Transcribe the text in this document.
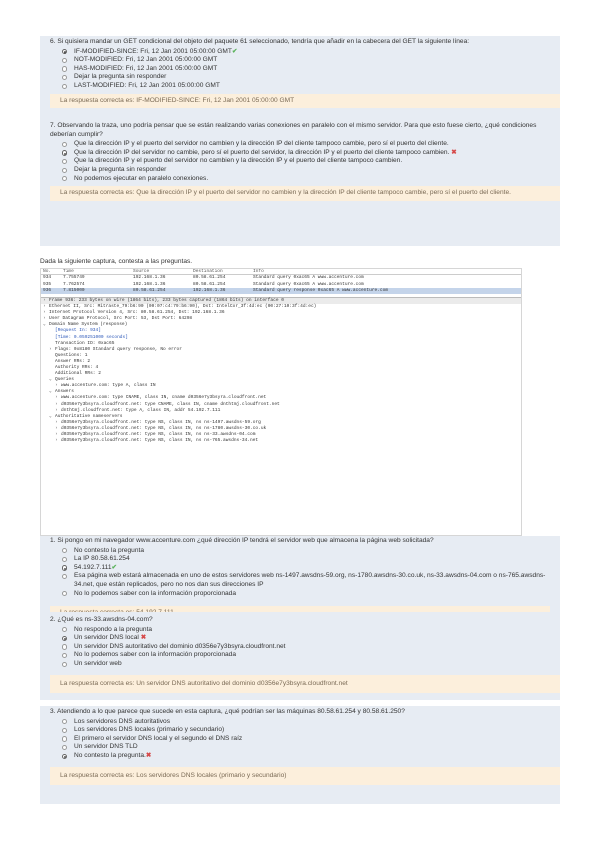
6. Si quisiera mandar un GET condicional del objeto del paquete 61 seleccionado, tendría que añadir en la cabecera del GET la siguiente línea:
IF-MODIFIED-SINCE: Fri, 12 Jan 2001 05:00:00 GMT✔
NOT-MODIFIED: Fri, 12 Jan 2001 05:00:00 GMT
HAS-MODIFIED: Fri, 12 Jan 2001 05:00:00 GMT
Dejar la pregunta sin responder
LAST-MODIFIED: Fri, 12 Jan 2001 05:00:00 GMT
La respuesta correcta es: IF-MODIFIED-SINCE: Fri, 12 Jan 2001 05:00:00 GMT
7. Observando la traza, uno podría pensar que se están realizando varias conexiones en paralelo con el mismo servidor. Para que esto fuese cierto, ¿qué condiciones deberían cumplir?
Que la dirección IP y el puerto del servidor no cambien y la dirección IP del cliente tampoco cambie, pero sí el puerto del cliente.
Que la dirección IP del servidor no cambie, pero sí el puerto del servidor, la dirección IP y el puerto del cliente tampoco cambien. ✖
Que la dirección IP y el puerto del servidor no cambien y la dirección IP y el puerto del cliente tampoco cambien.
Dejar la pregunta sin responder
No podemos ejecutar en paralelo conexiones.
La respuesta correcta es: Que la dirección IP y el puerto del servidor no cambien y la dirección IP del cliente tampoco cambie, pero sí el puerto del cliente.
Dada la siguiente captura, contesta a las preguntas.
No.	Time	Source	Destination	Info
934	7.755749	192.168.1.36	80.58.61.254	Standard query 0xac65 A www.accenture.com
935	7.762574	192.168.1.36	80.58.61.254	Standard query 0xac65 A www.accenture.com
936	7.815000	80.58.61.254	192.168.1.36	Standard query response 0xac65 A www.accenture.com
› Frame 936: 233 bytes on wire (1864 bits), 233 bytes captured (1864 bits) on interface 0
› Ethernet II, Src: Mitraste_79:b6:90 (00:07:c4:79:b6:90), Dst: IntelCor_3f:4d:ec (00:27:10:3f:4d:ec)
› Internet Protocol Version 4, Src: 80.58.61.254, Dst: 192.168.1.36
› User Datagram Protocol, Src Port: 53, Dst Port: 64298
⌄ Domain Name System (response)
[Request In: 934]
[Time: 0.059251000 seconds]
Transaction ID: 0xac65
› Flags: 0x8180 Standard query response, No error
Questions: 1
Answer RRs: 2
Authority RRs: 4
Additional RRs: 2
⌄ Queries
› www.accenture.com: type A, class IN
⌄ Answers
› www.accenture.com: type CNAME, class IN, cname d0356e7y3bsyra.cloudfront.net
› d0356e7y3bsyra.cloudfront.net: type CNAME, class IN, cname dnthtmj.cloudfront.net
› dnthtmj.cloudfront.net: type A, class IN, addr 54.192.7.111
⌄ Authoritative nameservers
› d0356e7y3bsyra.cloudfront.net: type NS, class IN, ns ns-1497.awsdns-59.org
› d0356e7y3bsyra.cloudfront.net: type NS, class IN, ns ns-1780.awsdns-30.co.uk
› d0356e7y3bsyra.cloudfront.net: type NS, class IN, ns ns-33.awsdns-04.com
› d0356e7y3bsyra.cloudfront.net: type NS, class IN, ns ns-765.awsdns-34.net
1. Si pongo en mi navegador www.accenture.com ¿qué dirección IP tendrá el servidor web que almacena la página web solicitada?
No contesto la pregunta
La IP 80.58.61.254
54.192.7.111✔
Esa página web estará almacenada en uno de estos servidores web ns-1497.awsdns-59.org, ns-1780.awsdns-30.co.uk, ns-33.awsdns-04.com o ns-765.awsdns-34.net, que están replicados, pero no nos dan sus direcciones IP
No lo podemos saber con la información proporcionada
2. ¿Qué es ns-33.awsdns-04.com?
No respondo a la pregunta
Un servidor DNS local ✖
Un servidor DNS autoritativo del dominio d0356e7y3bsyra.cloudfront.net
No lo podemos saber con la información proporcionada
Un servidor web
La respuesta correcta es: Un servidor DNS autoritativo del dominio d0356e7y3bsyra.cloudfront.net
3. Atendiendo a lo que parece que sucede en esta captura, ¿qué podrían ser las máquinas 80.58.61.254 y 80.58.61.250?
Los servidores DNS autoritativos
Los servidores DNS locales (primario y secundario)
El primero el servidor DNS local y el segundo el DNS raíz
Un servidor DNS TLD
No contesto la pregunta.✖
La respuesta correcta es: Los servidores DNS locales (primario y secundario)
